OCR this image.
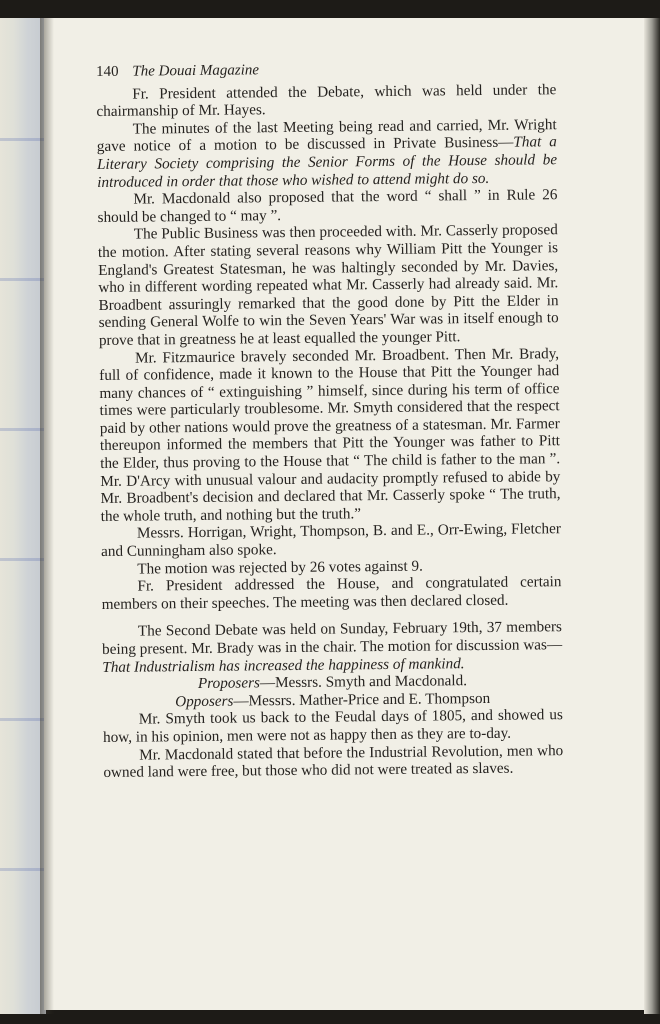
140 The Douai Magazine

Fr. President attended the Debate, which was held under the chairmanship of Mr. Hayes.

The minutes of the last Meeting being read and carried, Mr. Wright gave notice of a motion to be discussed in Private Business—That a Literary Society comprising the Senior Forms of the House should be introduced in order that those who wished to attend might do so.

Mr. Macdonald also proposed that the word “ shall ” in Rule 26 should be changed to “ may ”.

The Public Business was then proceeded with. Mr. Casserly proposed the motion. After stating several reasons why William Pitt the Younger is England's Greatest Statesman, he was haltingly seconded by Mr. Davies, who in different wording repeated what Mr. Casserly had already said. Mr. Broadbent assuringly remarked that the good done by Pitt the Elder in sending General Wolfe to win the Seven Years' War was in itself enough to prove that in greatness he at least equalled the younger Pitt.

Mr. Fitzmaurice bravely seconded Mr. Broadbent. Then Mr. Brady, full of confidence, made it known to the House that Pitt the Younger had many chances of “ extinguishing ” himself, since during his term of office times were particularly troublesome. Mr. Smyth considered that the respect paid by other nations would prove the greatness of a statesman. Mr. Farmer thereupon informed the members that Pitt the Younger was father to Pitt the Elder, thus proving to the House that “ The child is father to the man ”. Mr. D'Arcy with unusual valour and audacity promptly refused to abide by Mr. Broadbent's decision and declared that Mr. Casserly spoke “ The truth, the whole truth, and nothing but the truth.”

Messrs. Horrigan, Wright, Thompson, B. and E., Orr-Ewing, Fletcher and Cunningham also spoke.

The motion was rejected by 26 votes against 9.

Fr. President addressed the House, and congratulated certain members on their speeches. The meeting was then declared closed.

The Second Debate was held on Sunday, February 19th, 37 members being present. Mr. Brady was in the chair. The motion for discussion was—That Industrialism has increased the happiness of mankind.

Proposers—Messrs. Smyth and Macdonald.

Opposers—Messrs. Mather-Price and E. Thompson

Mr. Smyth took us back to the Feudal days of 1805, and showed us how, in his opinion, men were not as happy then as they are to-day.

Mr. Macdonald stated that before the Industrial Revolution, men who owned land were free, but those who did not were treated as slaves.
